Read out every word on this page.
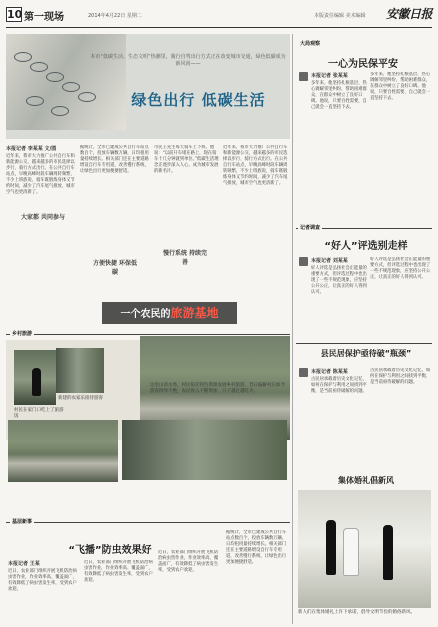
10 第一现场	2014年4月22日 星期二	本版责任编辑 美术编辑 安徽日报
本市“低碳生活、生态文明”热潮里，骑行自驾出行方式正在改变城市交通，绿色低碳成为新风尚——
绿色出行 低碳生活
本报记者 李某某 文/图

近年来，我市大力推广公共自行车和新能源公交，越来越多的市民选择以步行、骑行方式出行。在公共自行车站点，早晚高峰时段车辆周转频繁，不少上班族说，骑车既锻炼身体又节约时间，减少了汽车尾气排放，城市空气也更清新了。

大家都 共同参与

据统计，全市已建成公共自行车站点数百个，投放车辆数万辆，日均租用量持续增长。相关部门还在主要道路增设自行车专用道，改善慢行系统，让绿色出行更加便捷舒适。

方便快捷 环保低碳

市民王先生每天骑车上下班，他说：“以前开车堵在路上，现在骑车十几分钟就到单位。”低碳生活理念正逐步深入人心，成为城市发展的新名片。

慢行系统 持续完善

近年来，我市大力推广公共自行车和新能源公交，越来越多的市民选择以步行、骑行方式出行。在公共自行车站点，早晚高峰时段车辆周转频繁，不少上班族说，骑车既锻炼身体又节约时间，减少了汽车尾气排放，城市空气也更清新了。

乡村旅游
一个农民的旅游基地
这里山清水秀，村民依托特色资源发展乡村旅游，昔日偏僻村庄如今游客络绎不绝，农民收入不断增加，日子越过越红火。
村民在家门口吃上了旅游饭
新建的农家乐接待游客
基层新事
“飞播”防虫效果好
本报记者 王某

近日，农业部门组织开展飞机防治病虫害作业，作业效率高、覆盖面广，有效降低了病虫害发生率，受到农户欢迎。

近日，农业部门组织开展飞机防治病虫害作业，作业效率高、覆盖面广，有效降低了病虫害发生率，受到农户欢迎。

近日，农业部门组织开展飞机防治病虫害作业，作业效率高、覆盖面广，有效降低了病虫害发生率，受到农户欢迎。

据统计，全市已建成公共自行车站点数百个，投放车辆数万辆，日均租用量持续增长。相关部门还在主要道路增设自行车专用道，改善慢行系统，让绿色出行更加便捷舒适。

大局观察
一心为民保平安
本报记者 张某某

多年来，他坚持扎根基层，热心调解邻里纠纷，帮助困难群众，在群众中树立了良好口碑。他说，只要百姓需要，自己就会一直坚持下去。

多年来，他坚持扎根基层，热心调解邻里纠纷，帮助困难群众，在群众中树立了良好口碑。他说，只要百姓需要，自己就会一直坚持下去。

记者调查
“好人”评选别走样
本报记者 刘某某

好人评选是弘扬社会正能量的重要方式，但评选过程中也出现了一些不规范现象，应坚持公开公正，让真正的好人得到认可。

好人评选是弘扬社会正能量的重要方式，但评选过程中也出现了一些不规范现象，应坚持公开公正，让真正的好人得到认可。

县民居保护亟待破“瓶颈”
本报记者 陈某某

古民居承载着历史文化记忆，如何在保护与利用之间找到平衡，是当前亟待破解的问题。

古民居承载着历史文化记忆，如何在保护与利用之间找到平衡，是当前亟待破解的问题。

集体婚礼倡新风
新人们在集体婚礼上许下承诺，倡导文明节俭的婚俗新风。
